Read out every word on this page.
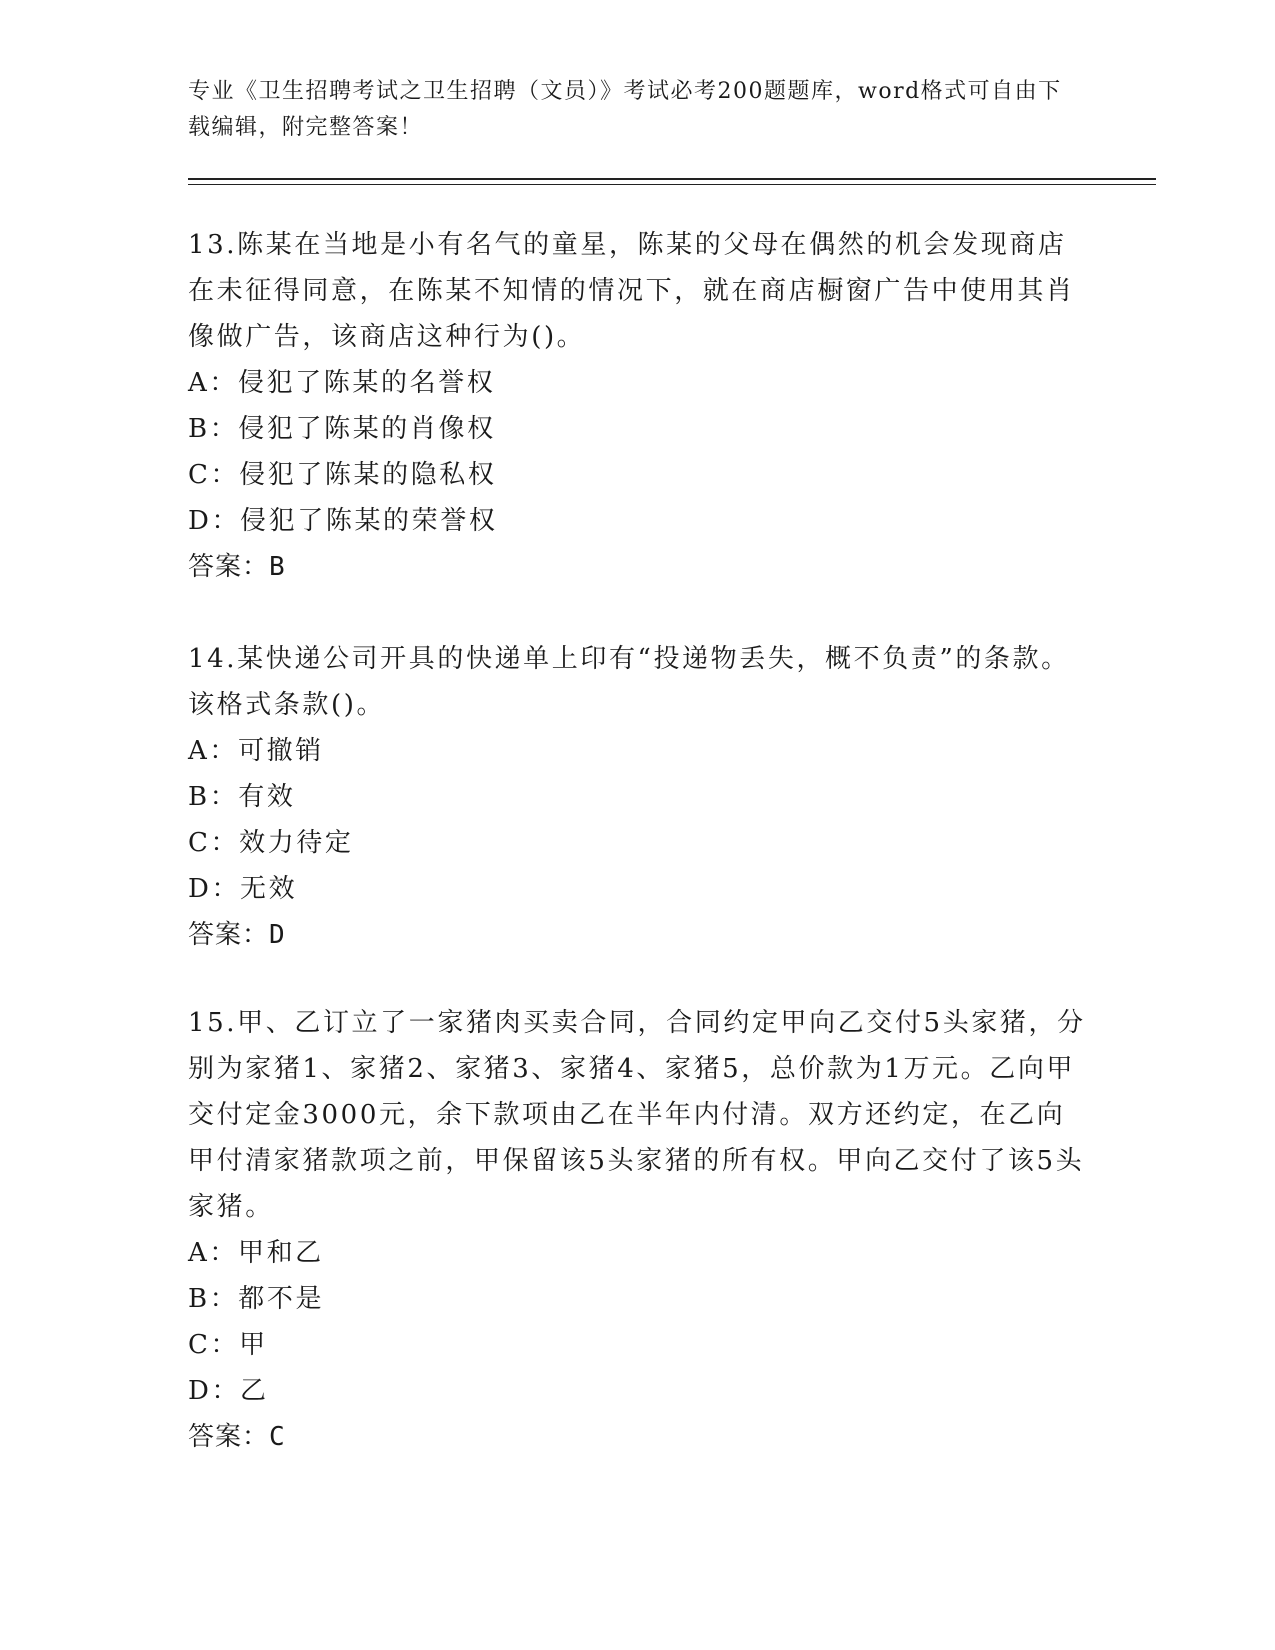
专业《卫生招聘考试之卫生招聘（文员）》考试必考200题题库，word格式可自由下载编辑，附完整答案！

13.陈某在当地是小有名气的童星，陈某的父母在偶然的机会发现商店在未征得同意，在陈某不知情的情况下，就在商店橱窗广告中使用其肖像做广告，该商店这种行为()。

A：侵犯了陈某的名誉权

B：侵犯了陈某的肖像权

C：侵犯了陈某的隐私权

D：侵犯了陈某的荣誉权

答案：B

14.某快递公司开具的快递单上印有“投递物丢失，概不负责”的条款。该格式条款()。

A：可撤销

B：有效

C：效力待定

D：无效

答案：D

15.甲、乙订立了一家猪肉买卖合同，合同约定甲向乙交付5头家猪，分别为家猪1、家猪2、家猪3、家猪4、家猪5，总价款为1万元。乙向甲交付定金3000元，余下款项由乙在半年内付清。双方还约定，在乙向甲付清家猪款项之前，甲保留该5头家猪的所有权。甲向乙交付了该5头家猪。

A：甲和乙

B：都不是

C：甲

D：乙

答案：C
